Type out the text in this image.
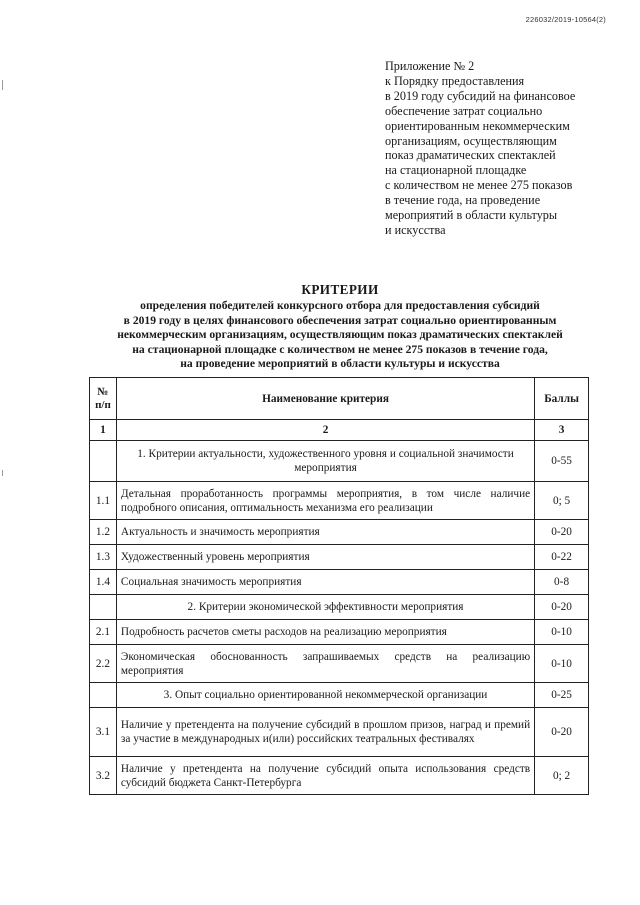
226032/2019-10564(2)
Приложение № 2
к Порядку предоставления
в 2019 году субсидий на финансовое
обеспечение затрат социально
ориентированным некоммерческим
организациям, осуществляющим
показ драматических спектаклей
на стационарной площадке
с количеством не менее 275 показов
в течение года, на проведение
мероприятий в области культуры
и искусства
КРИТЕРИИ
определения победителей конкурсного отбора для предоставления субсидий
в 2019 году в целях финансового обеспечения затрат социально ориентированным
некоммерческим организациям, осуществляющим показ драматических спектаклей
на стационарной площадке с количеством не менее 275 показов в течение года,
на проведение мероприятий в области культуры и искусства
№ п/п	Наименование критерия	Баллы
1	2	3
	1. Критерии актуальности, художественного уровня и социальной значимости мероприятия	0-55
1.1	Детальная проработанность программы мероприятия, в том числе наличие подробного описания, оптимальность механизма его реализации	0; 5
1.2	Актуальность и значимость мероприятия	0-20
1.3	Художественный уровень мероприятия	0-22
1.4	Социальная значимость мероприятия	0-8
	2. Критерии экономической эффективности мероприятия	0-20
2.1	Подробность расчетов сметы расходов на реализацию мероприятия	0-10
2.2	Экономическая обоснованность запрашиваемых средств на реализацию мероприятия	0-10
	3. Опыт социально ориентированной некоммерческой организации	0-25
3.1	Наличие у претендента на получение субсидий в прошлом призов, наград и премий за участие в международных и(или) российских театральных фестивалях	0-20
3.2	Наличие у претендента на получение субсидий опыта использования средств субсидий бюджета Санкт-Петербурга	0; 2
